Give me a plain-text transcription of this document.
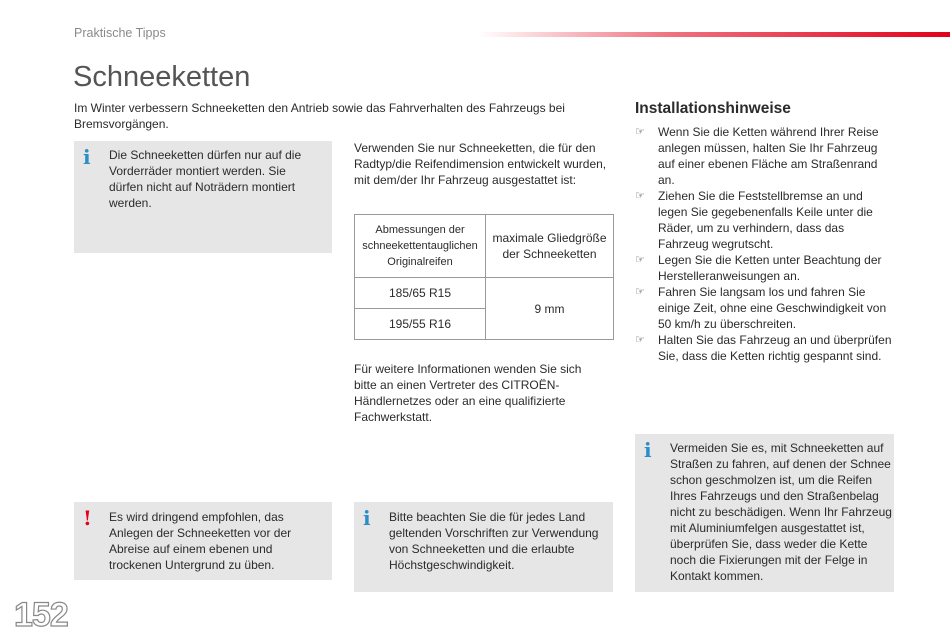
Praktische Tipps
Schneeketten
Im Winter verbessern Schneeketten den Antrieb sowie das Fahrverhalten des Fahrzeugs bei Bremsvorgängen.
i Die Schneeketten dürfen nur auf die Vorderräder montiert werden. Sie dürfen nicht auf Noträdern montiert werden.
! Es wird dringend empfohlen, das Anlegen der Schneeketten vor der Abreise auf einem ebenen und trockenen Untergrund zu üben.
Verwenden Sie nur Schneeketten, die für den Radtyp/die Reifendimension entwickelt wurden, mit dem/der Ihr Fahrzeug ausgestattet ist:
Abmessungen der schneekettentauglichen Originalreifen	maximale Gliedgröße der Schneeketten
185/65 R15	9 mm
195/55 R16	
Für weitere Informationen wenden Sie sich bitte an einen Vertreter des CITROËN-Händlernetzes oder an eine qualifizierte Fachwerkstatt.
i Bitte beachten Sie die für jedes Land geltenden Vorschriften zur Verwendung von Schneeketten und die erlaubte Höchstgeschwindigkeit.
Installationshinweise
☞ Wenn Sie die Ketten während Ihrer Reise anlegen müssen, halten Sie Ihr Fahrzeug auf einer ebenen Fläche am Straßenrand an.
☞ Ziehen Sie die Feststellbremse an und legen Sie gegebenenfalls Keile unter die Räder, um zu verhindern, dass das Fahrzeug wegrutscht.
☞ Legen Sie die Ketten unter Beachtung der Herstelleranweisungen an.
☞ Fahren Sie langsam los und fahren Sie einige Zeit, ohne eine Geschwindigkeit von 50 km/h zu überschreiten.
☞ Halten Sie das Fahrzeug an und überprüfen Sie, dass die Ketten richtig gespannt sind.
i Vermeiden Sie es, mit Schneeketten auf Straßen zu fahren, auf denen der Schnee schon geschmolzen ist, um die Reifen Ihres Fahrzeugs und den Straßenbelag nicht zu beschädigen. Wenn Ihr Fahrzeug mit Aluminiumfelgen ausgestattet ist, überprüfen Sie, dass weder die Kette noch die Fixierungen mit der Felge in Kontakt kommen.
152
